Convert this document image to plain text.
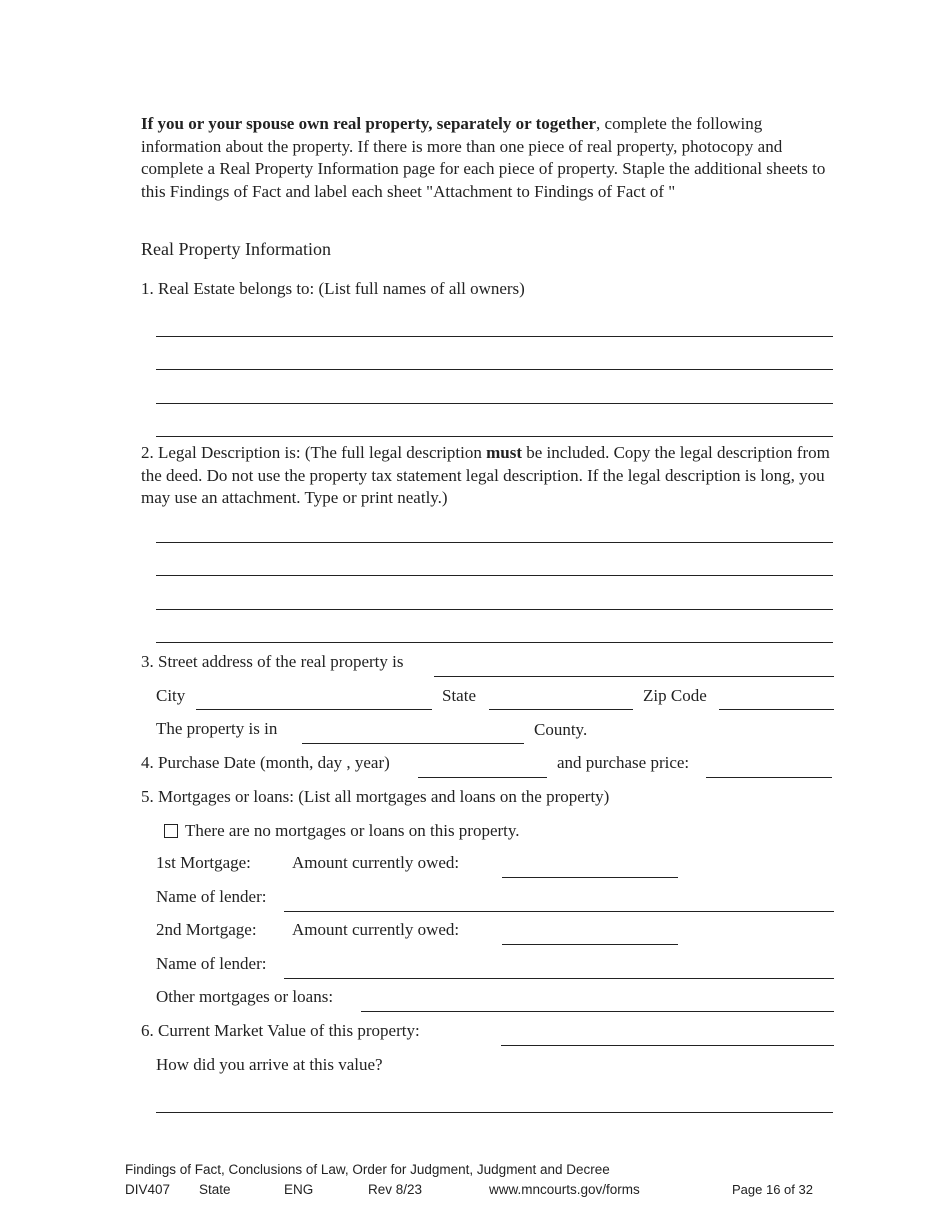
If you or your spouse own real property, separately or together, complete the following information about the property. If there is more than one piece of real property, photocopy and complete a Real Property Information page for each piece of property. Staple the additional sheets to this Findings of Fact and label each sheet "Attachment to Findings of Fact of "
Real Property Information
1. Real Estate belongs to: (List full names of all owners)
2. Legal Description is: (The full legal description must be included. Copy the legal description from the deed. Do not use the property tax statement legal description. If the legal description is long, you may use an attachment. Type or print neatly.)
3. Street address of the real property is
City	State	Zip Code
The property is in	County.
4. Purchase Date (month, day , year)	and purchase price:
5. Mortgages or loans: (List all mortgages and loans on the property)
There are no mortgages or loans on this property.
1st Mortgage: Amount currently owed:
Name of lender:
2nd Mortgage: Amount currently owed:
Name of lender:
Other mortgages or loans:
6. Current Market Value of this property:
How did you arrive at this value?
Findings of Fact, Conclusions of Law, Order for Judgment, Judgment and Decree
DIV407 State	ENG	Rev 8/23	www.mncourts.gov/forms	Page 16 of 32
